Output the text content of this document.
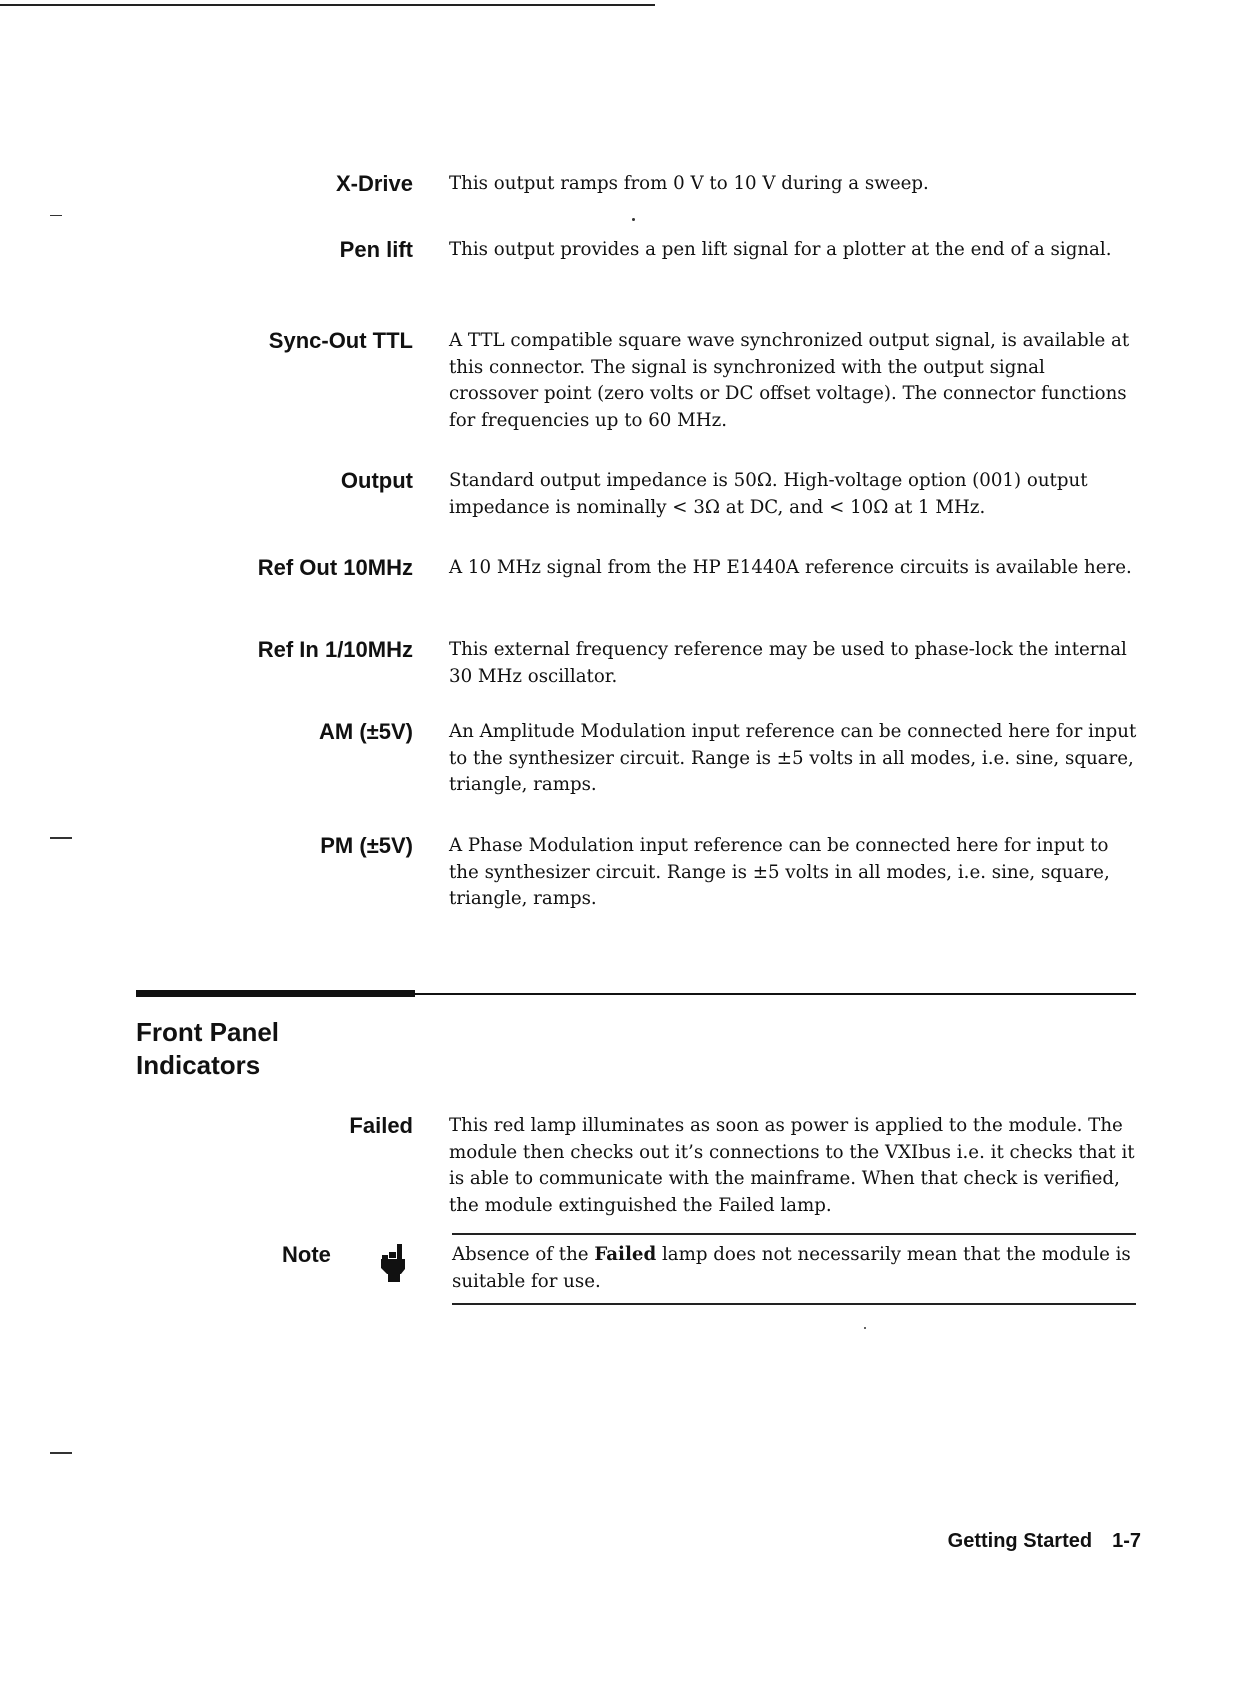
X-Drive This output ramps from 0 V to 10 V during a sweep.
Pen lift This output provides a pen lift signal for a plotter at the end of a signal.
Sync-Out TTL A TTL compatible square wave synchronized output signal, is available at this connector. The signal is synchronized with the output signal crossover point (zero volts or DC offset voltage). The connector functions for frequencies up to 60 MHz.
Output Standard output impedance is 50Ω. High-voltage option (001) output impedance is nominally < 3Ω at DC, and < 10Ω at 1 MHz.
Ref Out 10MHz A 10 MHz signal from the HP E1440A reference circuits is available here.
Ref In 1/10MHz This external frequency reference may be used to phase-lock the internal 30 MHz oscillator.
AM (±5V) An Amplitude Modulation input reference can be connected here for input to the synthesizer circuit. Range is ±5 volts in all modes, i.e. sine, square, triangle, ramps.
PM (±5V) A Phase Modulation input reference can be connected here for input to the synthesizer circuit. Range is ±5 volts in all modes, i.e. sine, square, triangle, ramps.
Front Panel
Indicators
Failed This red lamp illuminates as soon as power is applied to the module. The module then checks out it’s connections to the VXIbus i.e. it checks that it is able to communicate with the mainframe. When that check is verified, the module extinguished the Failed lamp.
Note	Absence of the Failed lamp does not necessarily mean that the module is suitable for use.
Getting Started 1-7
